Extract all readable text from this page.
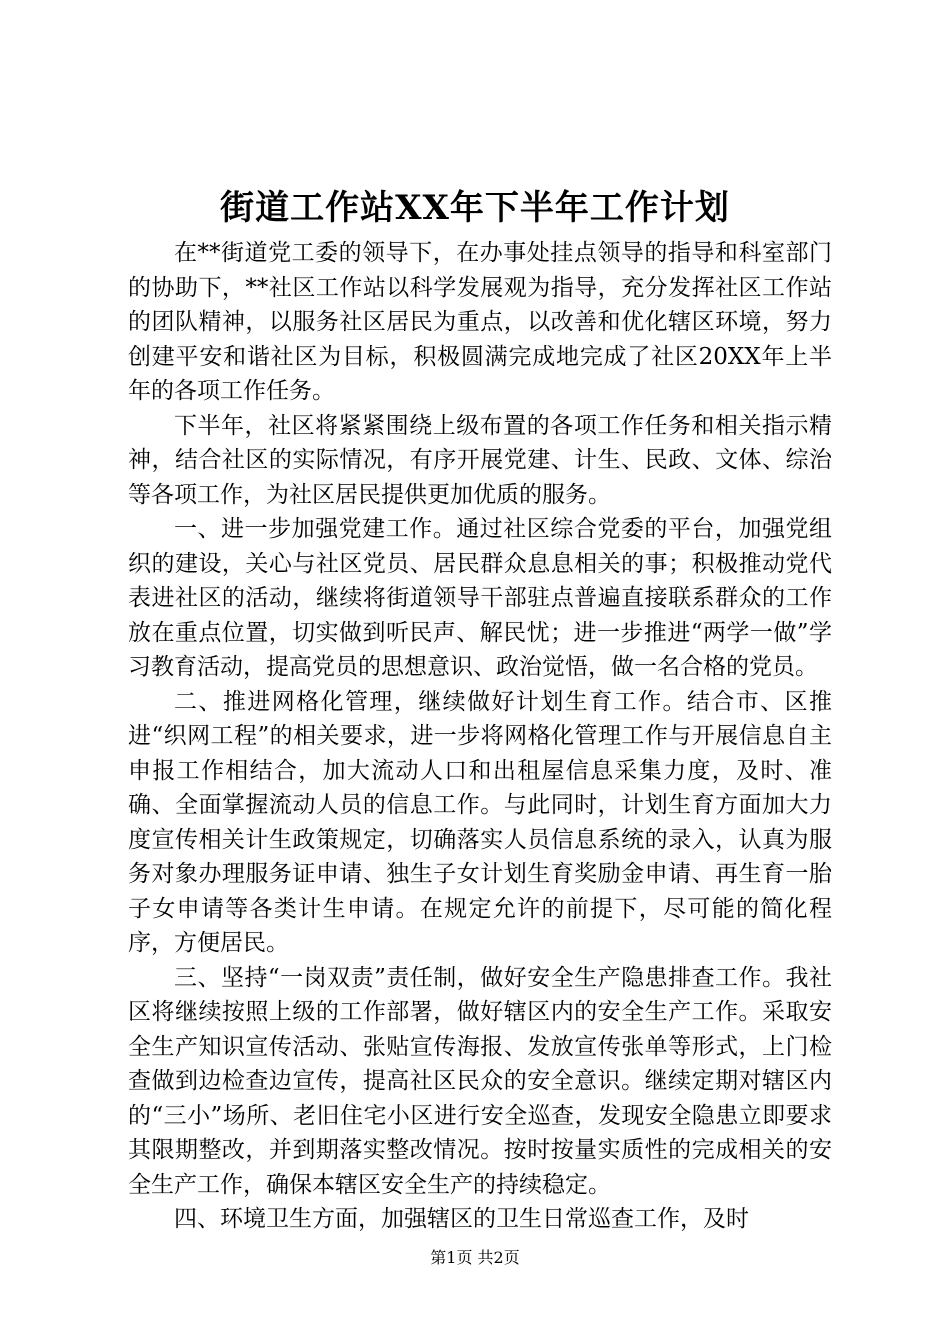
街道工作站XX年下半年工作计划

在**街道党工委的领导下，在办事处挂点领导的指导和科室部门的协助下，**社区工作站以科学发展观为指导，充分发挥社区工作站的团队精神，以服务社区居民为重点，以改善和优化辖区环境，努力创建平安和谐社区为目标，积极圆满完成地完成了社区20XX年上半年的各项工作任务。

下半年，社区将紧紧围绕上级布置的各项工作任务和相关指示精神，结合社区的实际情况，有序开展党建、计生、民政、文体、综治等各项工作，为社区居民提供更加优质的服务。

一、进一步加强党建工作。通过社区综合党委的平台，加强党组织的建设，关心与社区党员、居民群众息息相关的事；积极推动党代表进社区的活动，继续将街道领导干部驻点普遍直接联系群众的工作放在重点位置，切实做到听民声、解民忧；进一步推进“两学一做”学习教育活动，提高党员的思想意识、政治觉悟，做一名合格的党员。

二、推进网格化管理，继续做好计划生育工作。结合市、区推进“织网工程”的相关要求，进一步将网格化管理工作与开展信息自主申报工作相结合，加大流动人口和出租屋信息采集力度，及时、准确、全面掌握流动人员的信息工作。与此同时，计划生育方面加大力度宣传相关计生政策规定，切确落实人员信息系统的录入，认真为服务对象办理服务证申请、独生子女计划生育奖励金申请、再生育一胎子女申请等各类计生申请。在规定允许的前提下，尽可能的简化程序，方便居民。

三、坚持“一岗双责”责任制，做好安全生产隐患排查工作。我社区将继续按照上级的工作部署，做好辖区内的安全生产工作。采取安全生产知识宣传活动、张贴宣传海报、发放宣传张单等形式，上门检查做到边检查边宣传，提高社区民众的安全意识。继续定期对辖区内的“三小”场所、老旧住宅小区进行安全巡查，发现安全隐患立即要求其限期整改，并到期落实整改情况。按时按量实质性的完成相关的安全生产工作，确保本辖区安全生产的持续稳定。

四、环境卫生方面，加强辖区的卫生日常巡查工作，及时

第1页 共2页
